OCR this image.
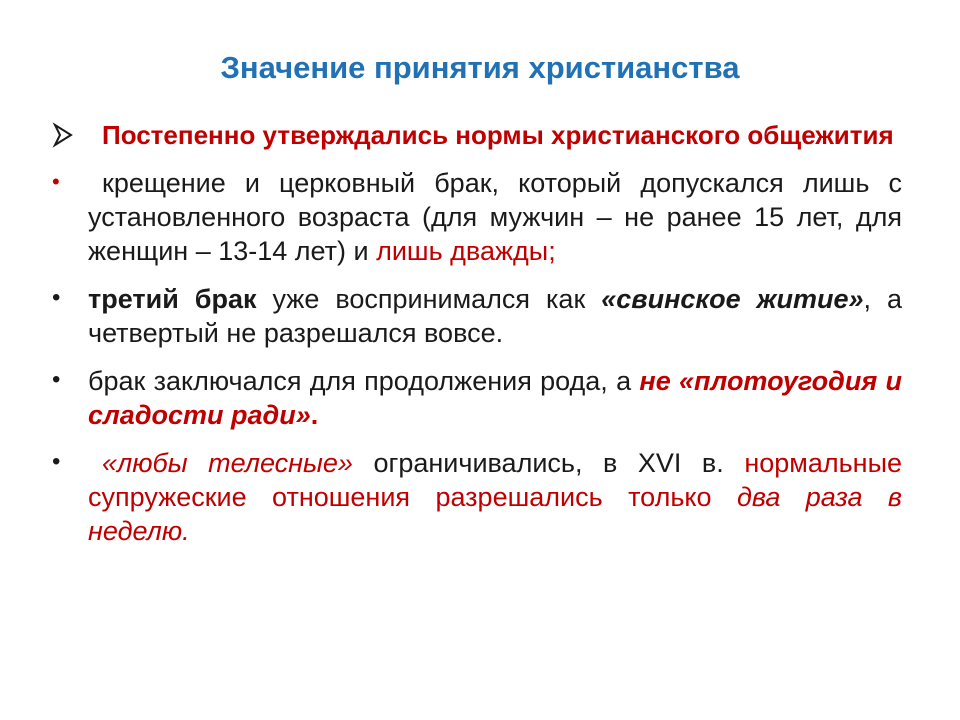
Значение принятия христианства
Постепенно утверждались нормы христианского общежития
•	крещение и церковный брак, который допускался лишь с установленного возраста (для мужчин – не ранее 15 лет, для женщин – 13-14 лет) и лишь дважды;
•	третий брак уже воспринимался как «свинское житие», а четвертый не разрешался вовсе.
•	брак заключался для продолжения рода, а не «плотоугодия и сладости ради».
•	«любы телесные» ограничивались, в XVI в. нормальные супружеские отношения разрешались только два раза в неделю.
